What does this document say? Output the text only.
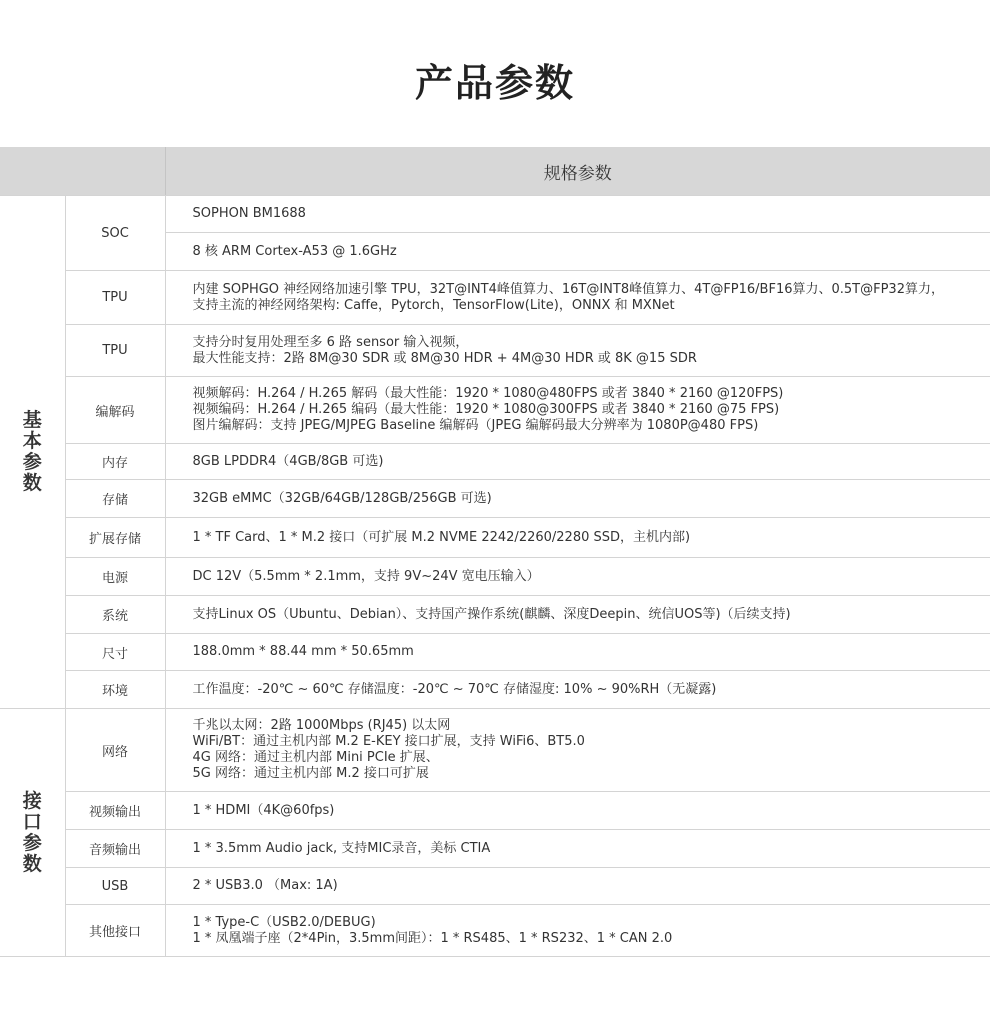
产品参数
		规格参数
基本参数	SOC	SOPHON BM1688

		8 核 ARM Cortex-A53 @ 1.6GHz

	TPU	内建 SOPHGO 神经网络加速引擎 TPU，32T@INT4峰值算力、16T@INT8峰值算力、4T@FP16/BF16算力、0.5T@FP32算力，
支持主流的神经网络架构: Caffe，Pytorch，TensorFlow(Lite)，ONNX 和 MXNet

	TPU	支持分时复用处理至多 6 路 sensor 输入视频，
最大性能支持：2路 8M@30 SDR 或 8M@30 HDR + 4M@30 HDR 或 8K @15 SDR

	编解码	视频解码：H.264 / H.265 解码（最大性能：1920 * 1080@480FPS 或者 3840 * 2160 @120FPS)
视频编码：H.264 / H.265 编码（最大性能：1920 * 1080@300FPS 或者 3840 * 2160 @75 FPS)
图片编解码：支持 JPEG/MJPEG Baseline 编解码（JPEG 编解码最大分辨率为 1080P@480 FPS)

	内存	8GB LPDDR4（4GB/8GB 可选)

	存储	32GB eMMC（32GB/64GB/128GB/256GB 可选)

	扩展存储	1 * TF Card、1 * M.2 接口（可扩展 M.2 NVME 2242/2260/2280 SSD，主机内部)

	电源	DC 12V（5.5mm * 2.1mm，支持 9V~24V 宽电压输入）

	系统	支持Linux OS（Ubuntu、Debian）、支持国产操作系统(麒麟、深度Deepin、统信UOS等)（后续支持)

	尺寸	188.0mm * 88.44 mm * 50.65mm

	环境	工作温度：-20℃ ~ 60℃ 存储温度：-20℃ ~ 70℃ 存储湿度: 10% ~ 90%RH（无凝露)

接口参数	网络	千兆以太网：2路 1000Mbps (RJ45) 以太网
WiFi/BT：通过主机内部 M.2 E-KEY 接口扩展，支持 WiFi6、BT5.0
4G 网络：通过主机内部 Mini PCIe 扩展、
5G 网络：通过主机内部 M.2 接口可扩展

	视频输出	1 * HDMI（4K@60fps)

	音频输出	1 * 3.5mm Audio jack, 支持MIC录音，美标 CTIA

	USB	2 * USB3.0 （Max: 1A)

	其他接口	1 * Type-C（USB2.0/DEBUG)
1 * 凤凰端子座（2*4Pin，3.5mm间距）：1 * RS485、1 * RS232、1 * CAN 2.0
